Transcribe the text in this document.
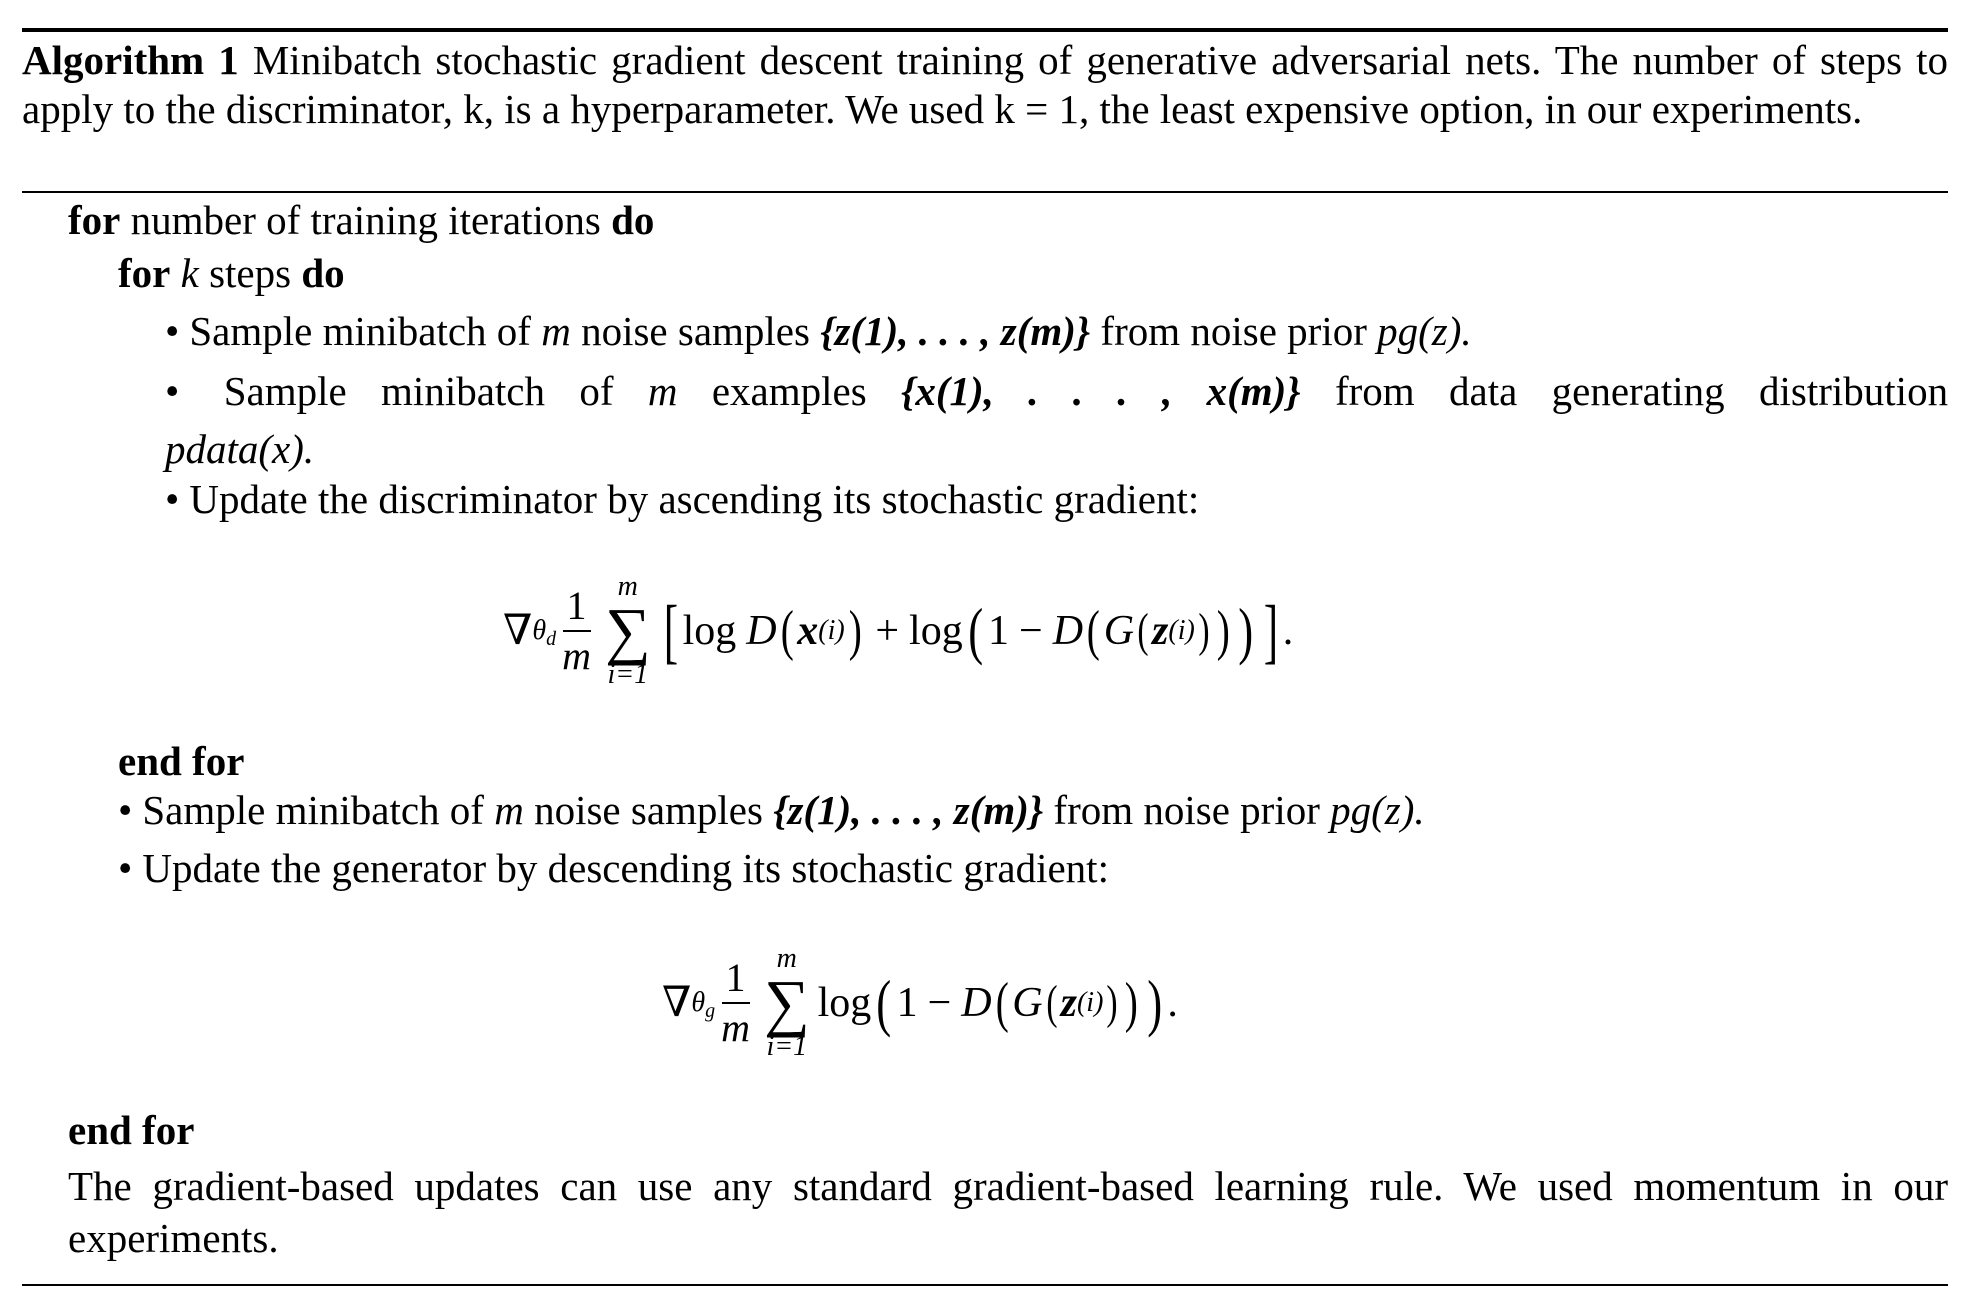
Algorithm 1 Minibatch stochastic gradient descent training of generative adversarial nets. The number of steps to apply to the discriminator, k, is a hyperparameter. We used k = 1, the least expensive option, in our experiments.

for number of training iterations do
for k steps do
• Sample minibatch of m noise samples {z(1), . . . , z(m)} from noise prior pg(z).
• Sample minibatch of m examples {x(1), . . . , x(m)} from data generating distribution
pdata(x).
• Update the discriminator by ascending its stochastic gradient:
∇ $\theta_d \frac{1}{m}$ m
∑
i=1
[ log D ( x (i) ) + log ( 1 − D ( G ( z (i) ) ) ) ] .
end for
• Sample minibatch of m noise samples {z(1), . . . , z(m)} from noise prior pg(z).
• Update the generator by descending its stochastic gradient:
∇ $\theta_g \frac{1}{m}$ m
∑
i=1
log ( 1 − D ( G ( z (i) ) ) ) .
end for
The gradient-based updates can use any standard gradient-based learning rule. We used momentum in our experiments.
